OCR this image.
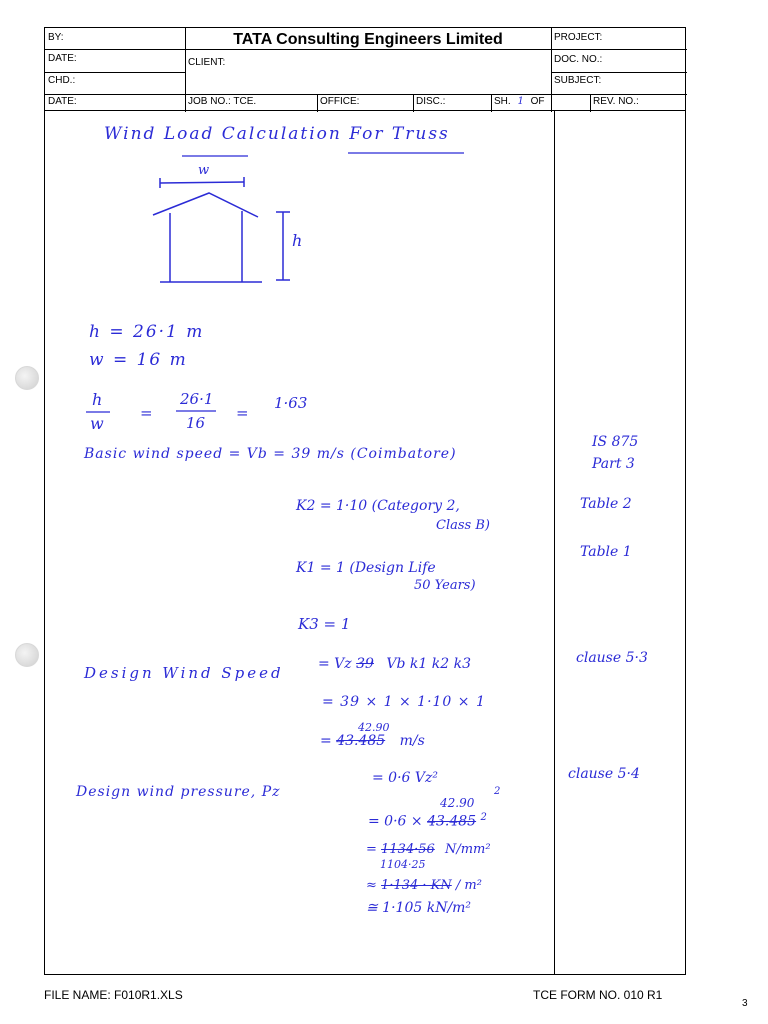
TATA Consulting Engineers Limited
BY:
DATE:
CHD.:
DATE:
CLIENT:
PROJECT:
DOC. NO.:
SUBJECT:
JOB NO.: TCE.	OFFICE:	DISC.:	SH. 1 OF	REV. NO.:
Wind Load Calculation For Truss
w
h
h = 26·1 m
w = 16 m
h
w
=
26·1
16
=
1·63
Basic wind speed = Vb = 39 m/s (Coimbatore)
K2 = 1·10 (Category 2,
Class B)
K1 = 1 (Design Life
50 Years)
K3 = 1
Design Wind Speed = Vz 39 Vb k1 k2 k3
= 39 × 1 × 1·10 × 1
42.90
= 43.485 m/s
Design wind pressure, Pz
= 0·6 Vz²
2
42.90
= 0·6 × 43.485 $^2$
= 1134·56 N/mm²
1104·25
≈ 1·134 · KN / m²
≅ 1·105 kN/m²
IS 875
Part 3
Table 2
Table 1
clause 5·3
clause 5·4
FILE NAME: F010R1.XLS	TCE FORM NO. 010 R1
3
